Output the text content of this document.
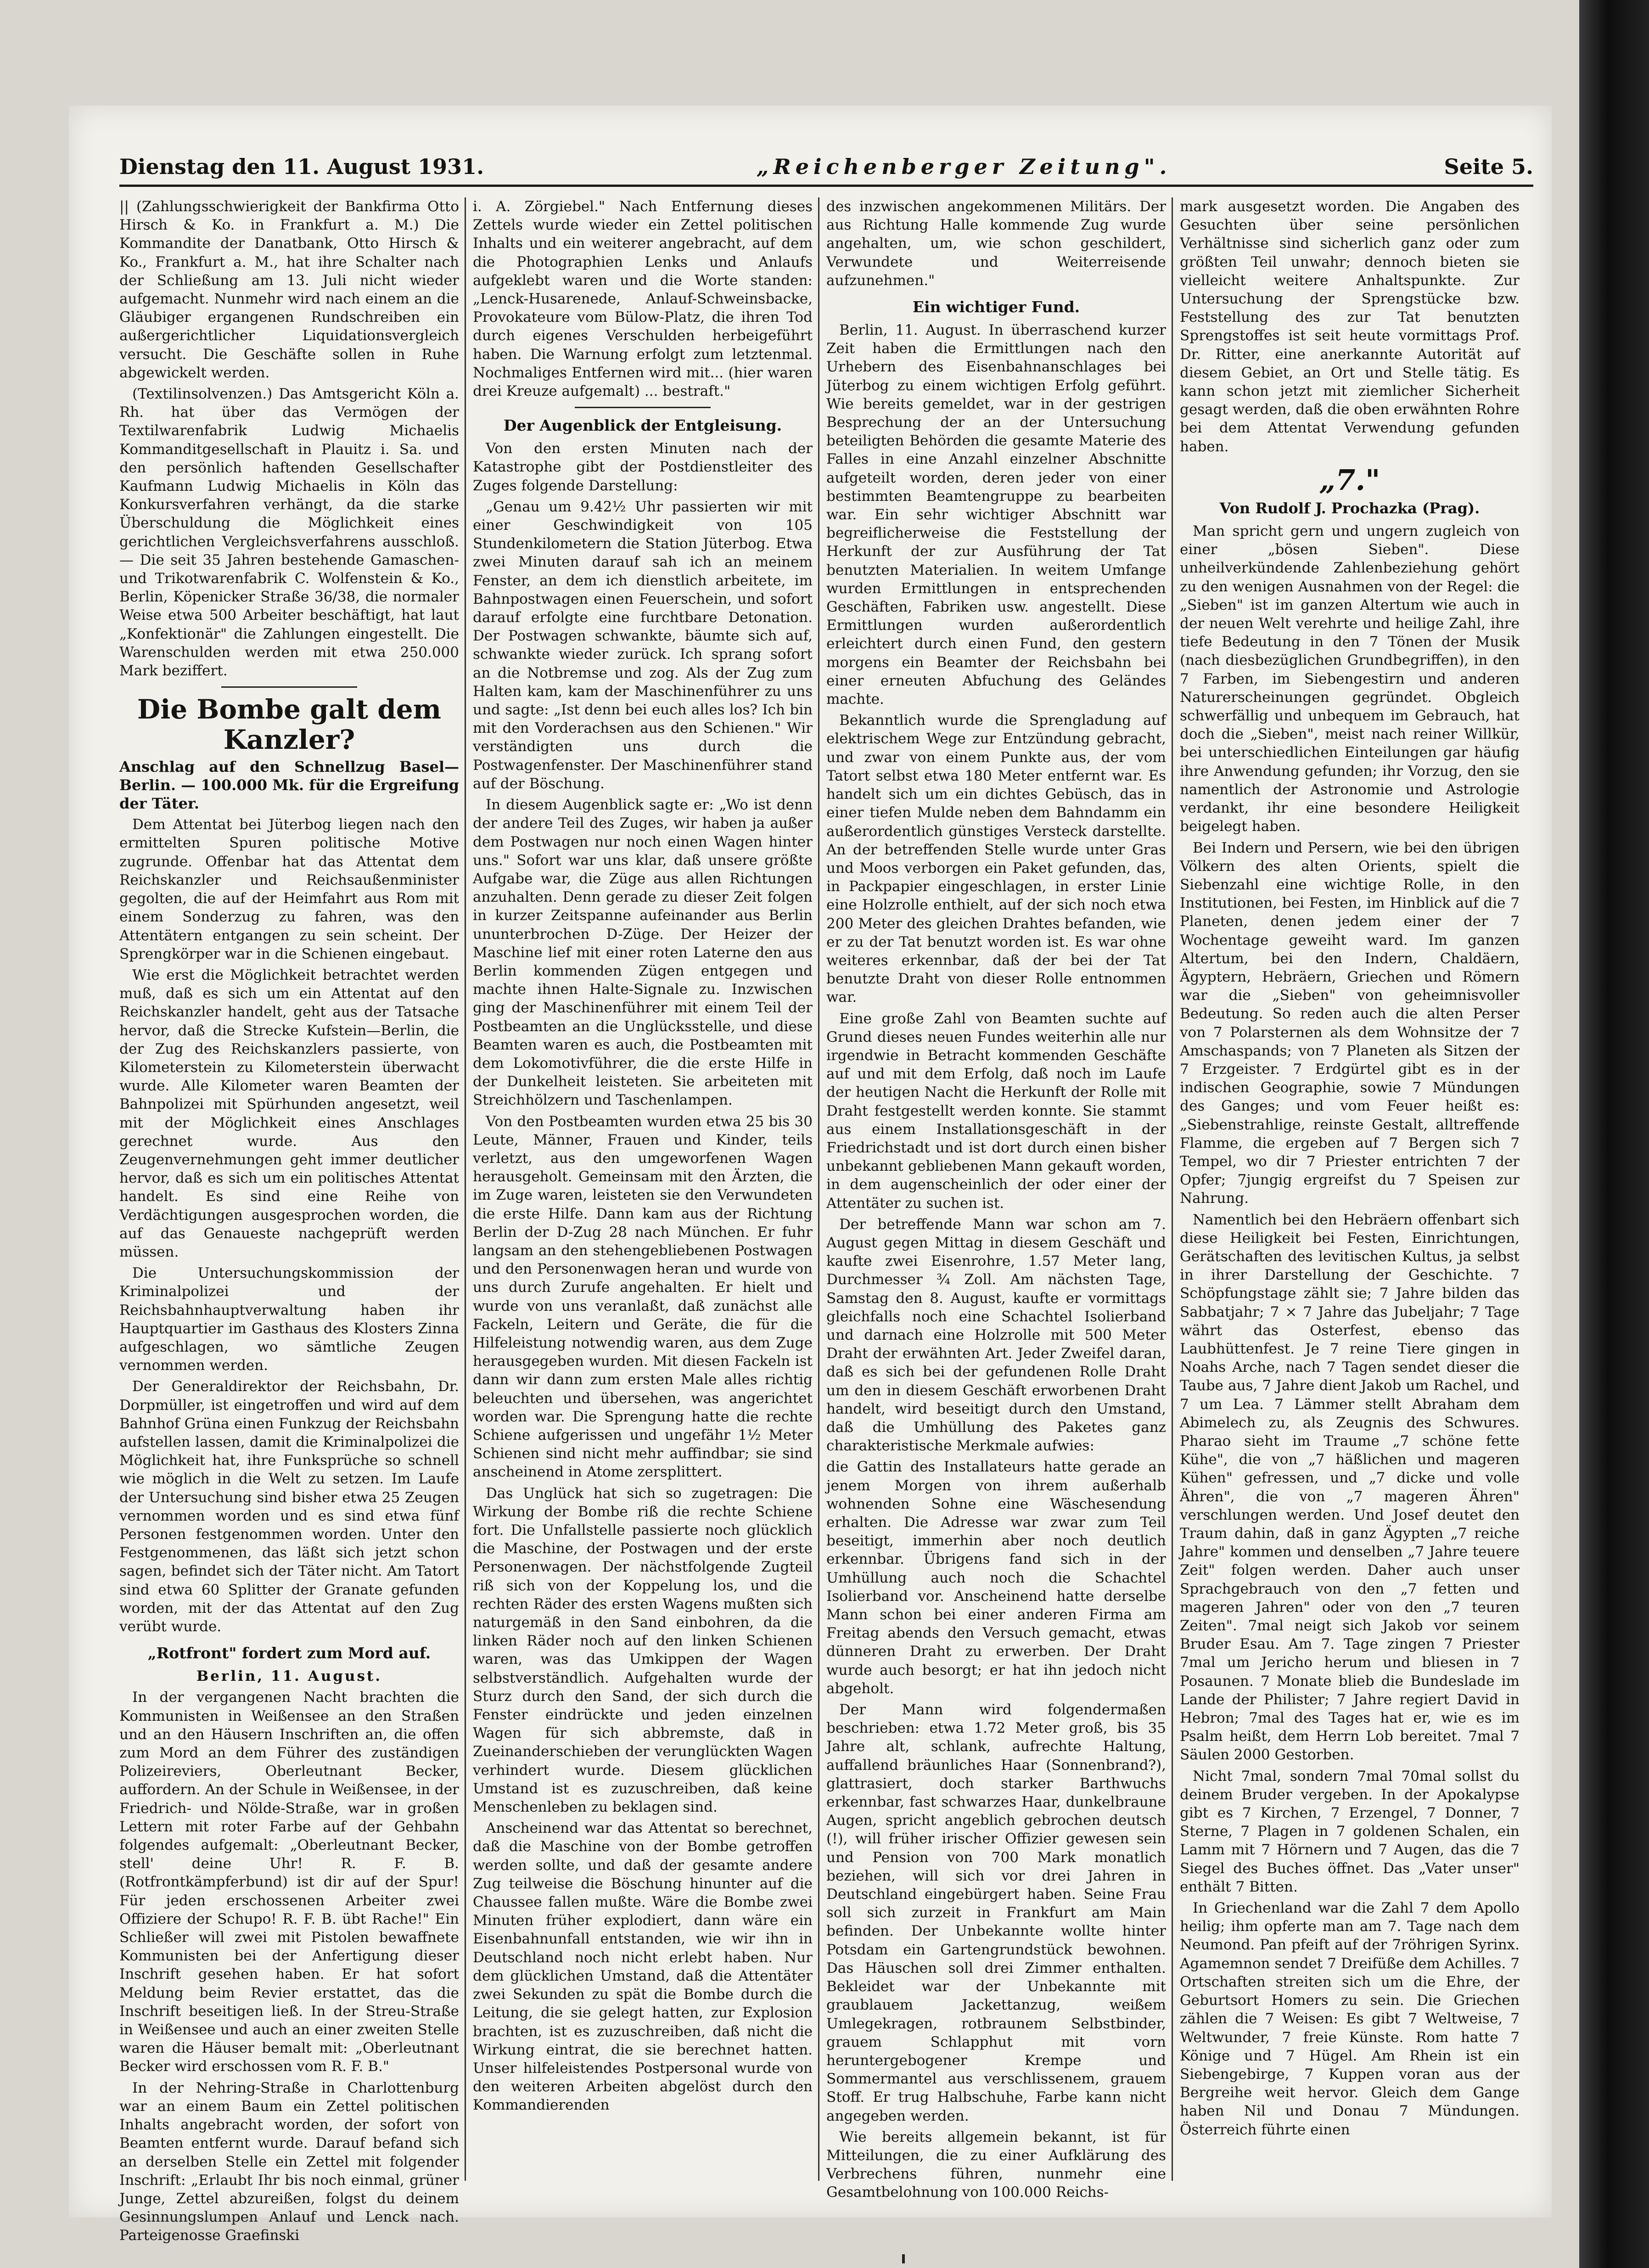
Dienstag den 11. August 1931.	„Reichenberger Zeitung".	Seite 5.

|| (Zahlungsschwierigkeit der Bankfirma Otto Hirsch & Ko. in Frankfurt a. M.) Die Kommandite der Danatbank, Otto Hirsch & Ko., Frankfurt a. M., hat ihre Schalter nach der Schließung am 13. Juli nicht wieder aufgemacht. Nunmehr wird nach einem an die Gläubiger ergangenen Rundschreiben ein außergerichtlicher Liquidationsvergleich versucht. Die Geschäfte sollen in Ruhe abgewickelt werden.

(Textilinsolvenzen.) Das Amtsgericht Köln a. Rh. hat über das Vermögen der Textilwarenfabrik Ludwig Michaelis Kommanditgesellschaft in Plauitz i. Sa. und den persönlich haftenden Gesellschafter Kaufmann Ludwig Michaelis in Köln das Konkursverfahren verhängt, da die starke Überschuldung die Möglichkeit eines gerichtlichen Vergleichsverfahrens ausschloß. — Die seit 35 Jahren bestehende Gamaschen- und Trikotwarenfabrik C. Wolfenstein & Ko., Berlin, Köpenicker Straße 36/38, die normaler Weise etwa 500 Arbeiter beschäftigt, hat laut „Konfektionär" die Zahlungen eingestellt. Die Warenschulden werden mit etwa 250.000 Mark beziffert.

Die Bombe galt dem Kanzler?

Anschlag auf den Schnellzug Basel—Berlin. — 100.000 Mk. für die Ergreifung der Täter.

Dem Attentat bei Jüterbog liegen nach den ermittelten Spuren politische Motive zugrunde. Offenbar hat das Attentat dem Reichskanzler und Reichsaußenminister gegolten, die auf der Heimfahrt aus Rom mit einem Sonderzug zu fahren, was den Attentätern entgangen zu sein scheint. Der Sprengkörper war in die Schienen eingebaut.

Wie erst die Möglichkeit betrachtet werden muß, daß es sich um ein Attentat auf den Reichskanzler handelt, geht aus der Tatsache hervor, daß die Strecke Kufstein—Berlin, die der Zug des Reichskanzlers passierte, von Kilometerstein zu Kilometerstein überwacht wurde. Alle Kilometer waren Beamten der Bahnpolizei mit Spürhunden angesetzt, weil mit der Möglichkeit eines Anschlages gerechnet wurde. Aus den Zeugenvernehmungen geht immer deutlicher hervor, daß es sich um ein politisches Attentat handelt. Es sind eine Reihe von Verdächtigungen ausgesprochen worden, die auf das Genaueste nachgeprüft werden müssen.

Die Untersuchungskommission der Kriminalpolizei und der Reichsbahnhauptverwaltung haben ihr Hauptquartier im Gasthaus des Klosters Zinna aufgeschlagen, wo sämtliche Zeugen vernommen werden.

Der Generaldirektor der Reichsbahn, Dr. Dorpmüller, ist eingetroffen und wird auf dem Bahnhof Grüna einen Funkzug der Reichsbahn aufstellen lassen, damit die Kriminalpolizei die Möglichkeit hat, ihre Funksprüche so schnell wie möglich in die Welt zu setzen. Im Laufe der Untersuchung sind bisher etwa 25 Zeugen vernommen worden und es sind etwa fünf Personen festgenommen worden. Unter den Festgenommenen, das läßt sich jetzt schon sagen, befindet sich der Täter nicht. Am Tatort sind etwa 60 Splitter der Granate gefunden worden, mit der das Attentat auf den Zug verübt wurde.

„Rotfront" fordert zum Mord auf.
Berlin, 11. August.

In der vergangenen Nacht brachten die Kommunisten in Weißensee an den Straßen und an den Häusern Inschriften an, die offen zum Mord an dem Führer des zuständigen Polizeireviers, Oberleutnant Becker, auffordern. An der Schule in Weißensee, in der Friedrich- und Nölde-Straße, war in großen Lettern mit roter Farbe auf der Gehbahn folgendes aufgemalt: „Oberleutnant Becker, stell' deine Uhr! R. F. B. (Rotfrontkämpferbund) ist dir auf der Spur! Für jeden erschossenen Arbeiter zwei Offiziere der Schupo! R. F. B. übt Rache!" Ein Schließer will zwei mit Pistolen bewaffnete Kommunisten bei der Anfertigung dieser Inschrift gesehen haben. Er hat sofort Meldung beim Revier erstattet, das die Inschrift beseitigen ließ. In der Streu-Straße in Weißensee und auch an einer zweiten Stelle waren die Häuser bemalt mit: „Oberleutnant Becker wird erschossen vom R. F. B."

In der Nehring-Straße in Charlottenburg war an einem Baum ein Zettel politischen Inhalts angebracht worden, der sofort von Beamten entfernt wurde. Darauf befand sich an derselben Stelle ein Zettel mit folgender Inschrift: „Erlaubt Ihr bis noch einmal, grüner Junge, Zettel abzureißen, folgst du deinem Gesinnungslumpen Anlauf und Lenck nach. Parteigenosse Graefinski

i. A. Zörgiebel." Nach Entfernung dieses Zettels wurde wieder ein Zettel politischen Inhalts und ein weiterer angebracht, auf dem die Photographien Lenks und Anlaufs aufgeklebt waren und die Worte standen: „Lenck-Husarenede, Anlauf-Schweinsbacke, Provokateure vom Bülow-Platz, die ihren Tod durch eigenes Verschulden herbeigeführt haben. Die Warnung erfolgt zum letztenmal. Nochmaliges Entfernen wird mit... (hier waren drei Kreuze aufgemalt) ... bestraft."

Der Augenblick der Entgleisung.

Von den ersten Minuten nach der Katastrophe gibt der Postdienstleiter des Zuges folgende Darstellung:

„Genau um 9.42½ Uhr passierten wir mit einer Geschwindigkeit von 105 Stundenkilometern die Station Jüterbog. Etwa zwei Minuten darauf sah ich an meinem Fenster, an dem ich dienstlich arbeitete, im Bahnpostwagen einen Feuerschein, und sofort darauf erfolgte eine furchtbare Detonation. Der Postwagen schwankte, bäumte sich auf, schwankte wieder zurück. Ich sprang sofort an die Notbremse und zog. Als der Zug zum Halten kam, kam der Maschinenführer zu uns und sagte: „Ist denn bei euch alles los? Ich bin mit den Vorderachsen aus den Schienen." Wir verständigten uns durch die Postwagenfenster. Der Maschinenführer stand auf der Böschung.

In diesem Augenblick sagte er: „Wo ist denn der andere Teil des Zuges, wir haben ja außer dem Postwagen nur noch einen Wagen hinter uns." Sofort war uns klar, daß unsere größte Aufgabe war, die Züge aus allen Richtungen anzuhalten. Denn gerade zu dieser Zeit folgen in kurzer Zeitspanne aufeinander aus Berlin ununterbrochen D-Züge. Der Heizer der Maschine lief mit einer roten Laterne den aus Berlin kommenden Zügen entgegen und machte ihnen Halte-Signale zu. Inzwischen ging der Maschinenführer mit einem Teil der Postbeamten an die Unglücksstelle, und diese Beamten waren es auch, die Postbeamten mit dem Lokomotivführer, die die erste Hilfe in der Dunkelheit leisteten. Sie arbeiteten mit Streichhölzern und Taschenlampen.

Von den Postbeamten wurden etwa 25 bis 30 Leute, Männer, Frauen und Kinder, teils verletzt, aus den umgeworfenen Wagen herausgeholt. Gemeinsam mit den Ärzten, die im Zuge waren, leisteten sie den Verwundeten die erste Hilfe. Dann kam aus der Richtung Berlin der D-Zug 28 nach München. Er fuhr langsam an den stehengebliebenen Postwagen und den Personenwagen heran und wurde von uns durch Zurufe angehalten. Er hielt und wurde von uns veranlaßt, daß zunächst alle Fackeln, Leitern und Geräte, die für die Hilfeleistung notwendig waren, aus dem Zuge herausgegeben wurden. Mit diesen Fackeln ist dann wir dann zum ersten Male alles richtig beleuchten und übersehen, was angerichtet worden war. Die Sprengung hatte die rechte Schiene aufgerissen und ungefähr 1½ Meter Schienen sind nicht mehr auffindbar; sie sind anscheinend in Atome zersplittert.

Das Unglück hat sich so zugetragen: Die Wirkung der Bombe riß die rechte Schiene fort. Die Unfallstelle passierte noch glücklich die Maschine, der Postwagen und der erste Personenwagen. Der nächstfolgende Zugteil riß sich von der Koppelung los, und die rechten Räder des ersten Wagens mußten sich naturgemäß in den Sand einbohren, da die linken Räder noch auf den linken Schienen waren, was das Umkippen der Wagen selbstverständlich. Aufgehalten wurde der Sturz durch den Sand, der sich durch die Fenster eindrückte und jeden einzelnen Wagen für sich abbremste, daß in Zueinanderschieben der verunglückten Wagen verhindert wurde. Diesem glücklichen Umstand ist es zuzuschreiben, daß keine Menschenleben zu beklagen sind.

Anscheinend war das Attentat so berechnet, daß die Maschine von der Bombe getroffen werden sollte, und daß der gesamte andere Zug teilweise die Böschung hinunter auf die Chaussee fallen mußte. Wäre die Bombe zwei Minuten früher explodiert, dann wäre ein Eisenbahnunfall entstanden, wie wir ihn in Deutschland noch nicht erlebt haben. Nur dem glücklichen Umstand, daß die Attentäter zwei Sekunden zu spät die Bombe durch die Leitung, die sie gelegt hatten, zur Explosion brachten, ist es zuzuschreiben, daß nicht die Wirkung eintrat, die sie berechnet hatten. Unser hilfeleistendes Postpersonal wurde von den weiteren Arbeiten abgelöst durch den Kommandierenden

des inzwischen angekommenen Militärs. Der aus Richtung Halle kommende Zug wurde angehalten, um, wie schon geschildert, Verwundete und Weiterreisende aufzunehmen."

Ein wichtiger Fund.

Berlin, 11. August. In überraschend kurzer Zeit haben die Ermittlungen nach den Urhebern des Eisenbahnanschlages bei Jüterbog zu einem wichtigen Erfolg geführt. Wie bereits gemeldet, war in der gestrigen Besprechung der an der Untersuchung beteiligten Behörden die gesamte Materie des Falles in eine Anzahl einzelner Abschnitte aufgeteilt worden, deren jeder von einer bestimmten Beamtengruppe zu bearbeiten war. Ein sehr wichtiger Abschnitt war begreiflicherweise die Feststellung der Herkunft der zur Ausführung der Tat benutzten Materialien. In weitem Umfange wurden Ermittlungen in entsprechenden Geschäften, Fabriken usw. angestellt. Diese Ermittlungen wurden außerordentlich erleichtert durch einen Fund, den gestern morgens ein Beamter der Reichsbahn bei einer erneuten Abfuchung des Geländes machte.

Bekanntlich wurde die Sprengladung auf elektrischem Wege zur Entzündung gebracht, und zwar von einem Punkte aus, der vom Tatort selbst etwa 180 Meter entfernt war. Es handelt sich um ein dichtes Gebüsch, das in einer tiefen Mulde neben dem Bahndamm ein außerordentlich günstiges Versteck darstellte. An der betreffenden Stelle wurde unter Gras und Moos verborgen ein Paket gefunden, das, in Packpapier eingeschlagen, in erster Linie eine Holzrolle enthielt, auf der sich noch etwa 200 Meter des gleichen Drahtes befanden, wie er zu der Tat benutzt worden ist. Es war ohne weiteres erkennbar, daß der bei der Tat benutzte Draht von dieser Rolle entnommen war.

Eine große Zahl von Beamten suchte auf Grund dieses neuen Fundes weiterhin alle nur irgendwie in Betracht kommenden Geschäfte auf und mit dem Erfolg, daß noch im Laufe der heutigen Nacht die Herkunft der Rolle mit Draht festgestellt werden konnte. Sie stammt aus einem Installationsgeschäft in der Friedrichstadt und ist dort durch einen bisher unbekannt gebliebenen Mann gekauft worden, in dem augenscheinlich der oder einer der Attentäter zu suchen ist.

Der betreffende Mann war schon am 7. August gegen Mittag in diesem Geschäft und kaufte zwei Eisenrohre, 1.57 Meter lang, Durchmesser ¾ Zoll. Am nächsten Tage, Samstag den 8. August, kaufte er vormittags gleichfalls noch eine Schachtel Isolierband und darnach eine Holzrolle mit 500 Meter Draht der erwähnten Art. Jeder Zweifel daran, daß es sich bei der gefundenen Rolle Draht um den in diesem Geschäft erworbenen Draht handelt, wird beseitigt durch den Umstand, daß die Umhüllung des Paketes ganz charakteristische Merkmale aufwies:

die Gattin des Installateurs hatte gerade an jenem Morgen von ihrem außerhalb wohnenden Sohne eine Wäschesendung erhalten. Die Adresse war zwar zum Teil beseitigt, immerhin aber noch deutlich erkennbar. Übrigens fand sich in der Umhüllung auch noch die Schachtel Isolierband vor. Anscheinend hatte derselbe Mann schon bei einer anderen Firma am Freitag abends den Versuch gemacht, etwas dünneren Draht zu erwerben. Der Draht wurde auch besorgt; er hat ihn jedoch nicht abgeholt.

Der Mann wird folgendermaßen beschrieben: etwa 1.72 Meter groß, bis 35 Jahre alt, schlank, aufrechte Haltung, auffallend bräunliches Haar (Sonnenbrand?), glattrasiert, doch starker Barthwuchs erkennbar, fast schwarzes Haar, dunkelbraune Augen, spricht angeblich gebrochen deutsch (!), will früher irischer Offizier gewesen sein und Pension von 700 Mark monatlich beziehen, will sich vor drei Jahren in Deutschland eingebürgert haben. Seine Frau soll sich zurzeit in Frankfurt am Main befinden. Der Unbekannte wollte hinter Potsdam ein Gartengrundstück bewohnen. Das Häuschen soll drei Zimmer enthalten. Bekleidet war der Unbekannte mit graublauem Jackettanzug, weißem Umlegekragen, rotbraunem Selbstbinder, grauem Schlapphut mit vorn heruntergebogener Krempe und Sommermantel aus verschlissenem, grauem Stoff. Er trug Halbschuhe, Farbe kann nicht angegeben werden.

Wie bereits allgemein bekannt, ist für Mitteilungen, die zu einer Aufklärung des Verbrechens führen, nunmehr eine Gesamtbelohnung von 100.000 Reichs-

mark ausgesetzt worden. Die Angaben des Gesuchten über seine persönlichen Verhältnisse sind sicherlich ganz oder zum größten Teil unwahr; dennoch bieten sie vielleicht weitere Anhaltspunkte. Zur Untersuchung der Sprengstücke bzw. Feststellung des zur Tat benutzten Sprengstoffes ist seit heute vormittags Prof. Dr. Ritter, eine anerkannte Autorität auf diesem Gebiet, an Ort und Stelle tätig. Es kann schon jetzt mit ziemlicher Sicherheit gesagt werden, daß die oben erwähnten Rohre bei dem Attentat Verwendung gefunden haben.

„7."
Von Rudolf J. Prochazka (Prag).

Man spricht gern und ungern zugleich von einer „bösen Sieben". Diese unheilverkündende Zahlenbeziehung gehört zu den wenigen Ausnahmen von der Regel: die „Sieben" ist im ganzen Altertum wie auch in der neuen Welt verehrte und heilige Zahl, ihre tiefe Bedeutung in den 7 Tönen der Musik (nach diesbezüglichen Grundbegriffen), in den 7 Farben, im Siebengestirn und anderen Naturerscheinungen gegründet. Obgleich schwerfällig und unbequem im Gebrauch, hat doch die „Sieben", meist nach reiner Willkür, bei unterschiedlichen Einteilungen gar häufig ihre Anwendung gefunden; ihr Vorzug, den sie namentlich der Astronomie und Astrologie verdankt, ihr eine besondere Heiligkeit beigelegt haben.

Bei Indern und Persern, wie bei den übrigen Völkern des alten Orients, spielt die Siebenzahl eine wichtige Rolle, in den Institutionen, bei Festen, im Hinblick auf die 7 Planeten, denen jedem einer der 7 Wochentage geweiht ward. Im ganzen Altertum, bei den Indern, Chaldäern, Ägyptern, Hebräern, Griechen und Römern war die „Sieben" von geheimnisvoller Bedeutung. So reden auch die alten Perser von 7 Polarsternen als dem Wohnsitze der 7 Amschaspands; von 7 Planeten als Sitzen der 7 Erzgeister. 7 Erdgürtel gibt es in der indischen Geographie, sowie 7 Mündungen des Ganges; und vom Feuer heißt es: „Siebenstrahlige, reinste Gestalt, alltreffende Flamme, die ergeben auf 7 Bergen sich 7 Tempel, wo dir 7 Priester entrichten 7 der Opfer; 7jungig ergreifst du 7 Speisen zur Nahrung.

Namentlich bei den Hebräern offenbart sich diese Heiligkeit bei Festen, Einrichtungen, Gerätschaften des levitischen Kultus, ja selbst in ihrer Darstellung der Geschichte. 7 Schöpfungstage zählt sie; 7 Jahre bilden das Sabbatjahr; 7 × 7 Jahre das Jubeljahr; 7 Tage währt das Osterfest, ebenso das Laubhüttenfest. Je 7 reine Tiere gingen in Noahs Arche, nach 7 Tagen sendet dieser die Taube aus, 7 Jahre dient Jakob um Rachel, und 7 um Lea. 7 Lämmer stellt Abraham dem Abimelech zu, als Zeugnis des Schwures. Pharao sieht im Traume „7 schöne fette Kühe", die von „7 häßlichen und mageren Kühen" gefressen, und „7 dicke und volle Ähren", die von „7 mageren Ähren" verschlungen werden. Und Josef deutet den Traum dahin, daß in ganz Ägypten „7 reiche Jahre" kommen und denselben „7 Jahre teuere Zeit" folgen werden. Daher auch unser Sprachgebrauch von den „7 fetten und mageren Jahren" oder von den „7 teuren Zeiten". 7mal neigt sich Jakob vor seinem Bruder Esau. Am 7. Tage zingen 7 Priester 7mal um Jericho herum und bliesen in 7 Posaunen. 7 Monate blieb die Bundeslade im Lande der Philister; 7 Jahre regiert David in Hebron; 7mal des Tages hat er, wie es im Psalm heißt, dem Herrn Lob bereitet. 7mal 7 Säulen 2000 Gestorben.

Nicht 7mal, sondern 7mal 70mal sollst du deinem Bruder vergeben. In der Apokalypse gibt es 7 Kirchen, 7 Erzengel, 7 Donner, 7 Sterne, 7 Plagen in 7 goldenen Schalen, ein Lamm mit 7 Hörnern und 7 Augen, das die 7 Siegel des Buches öffnet. Das „Vater unser" enthält 7 Bitten.

In Griechenland war die Zahl 7 dem Apollo heilig; ihm opferte man am 7. Tage nach dem Neumond. Pan pfeift auf der 7röhrigen Syrinx. Agamemnon sendet 7 Dreifüße dem Achilles. 7 Ortschaften streiten sich um die Ehre, der Geburtsort Homers zu sein. Die Griechen zählen die 7 Weisen: Es gibt 7 Weltweise, 7 Weltwunder, 7 freie Künste. Rom hatte 7 Könige und 7 Hügel. Am Rhein ist ein Siebengebirge, 7 Kuppen voran aus der Bergreihe weit hervor. Gleich dem Gange haben Nil und Donau 7 Mündungen. Österreich führte einen
